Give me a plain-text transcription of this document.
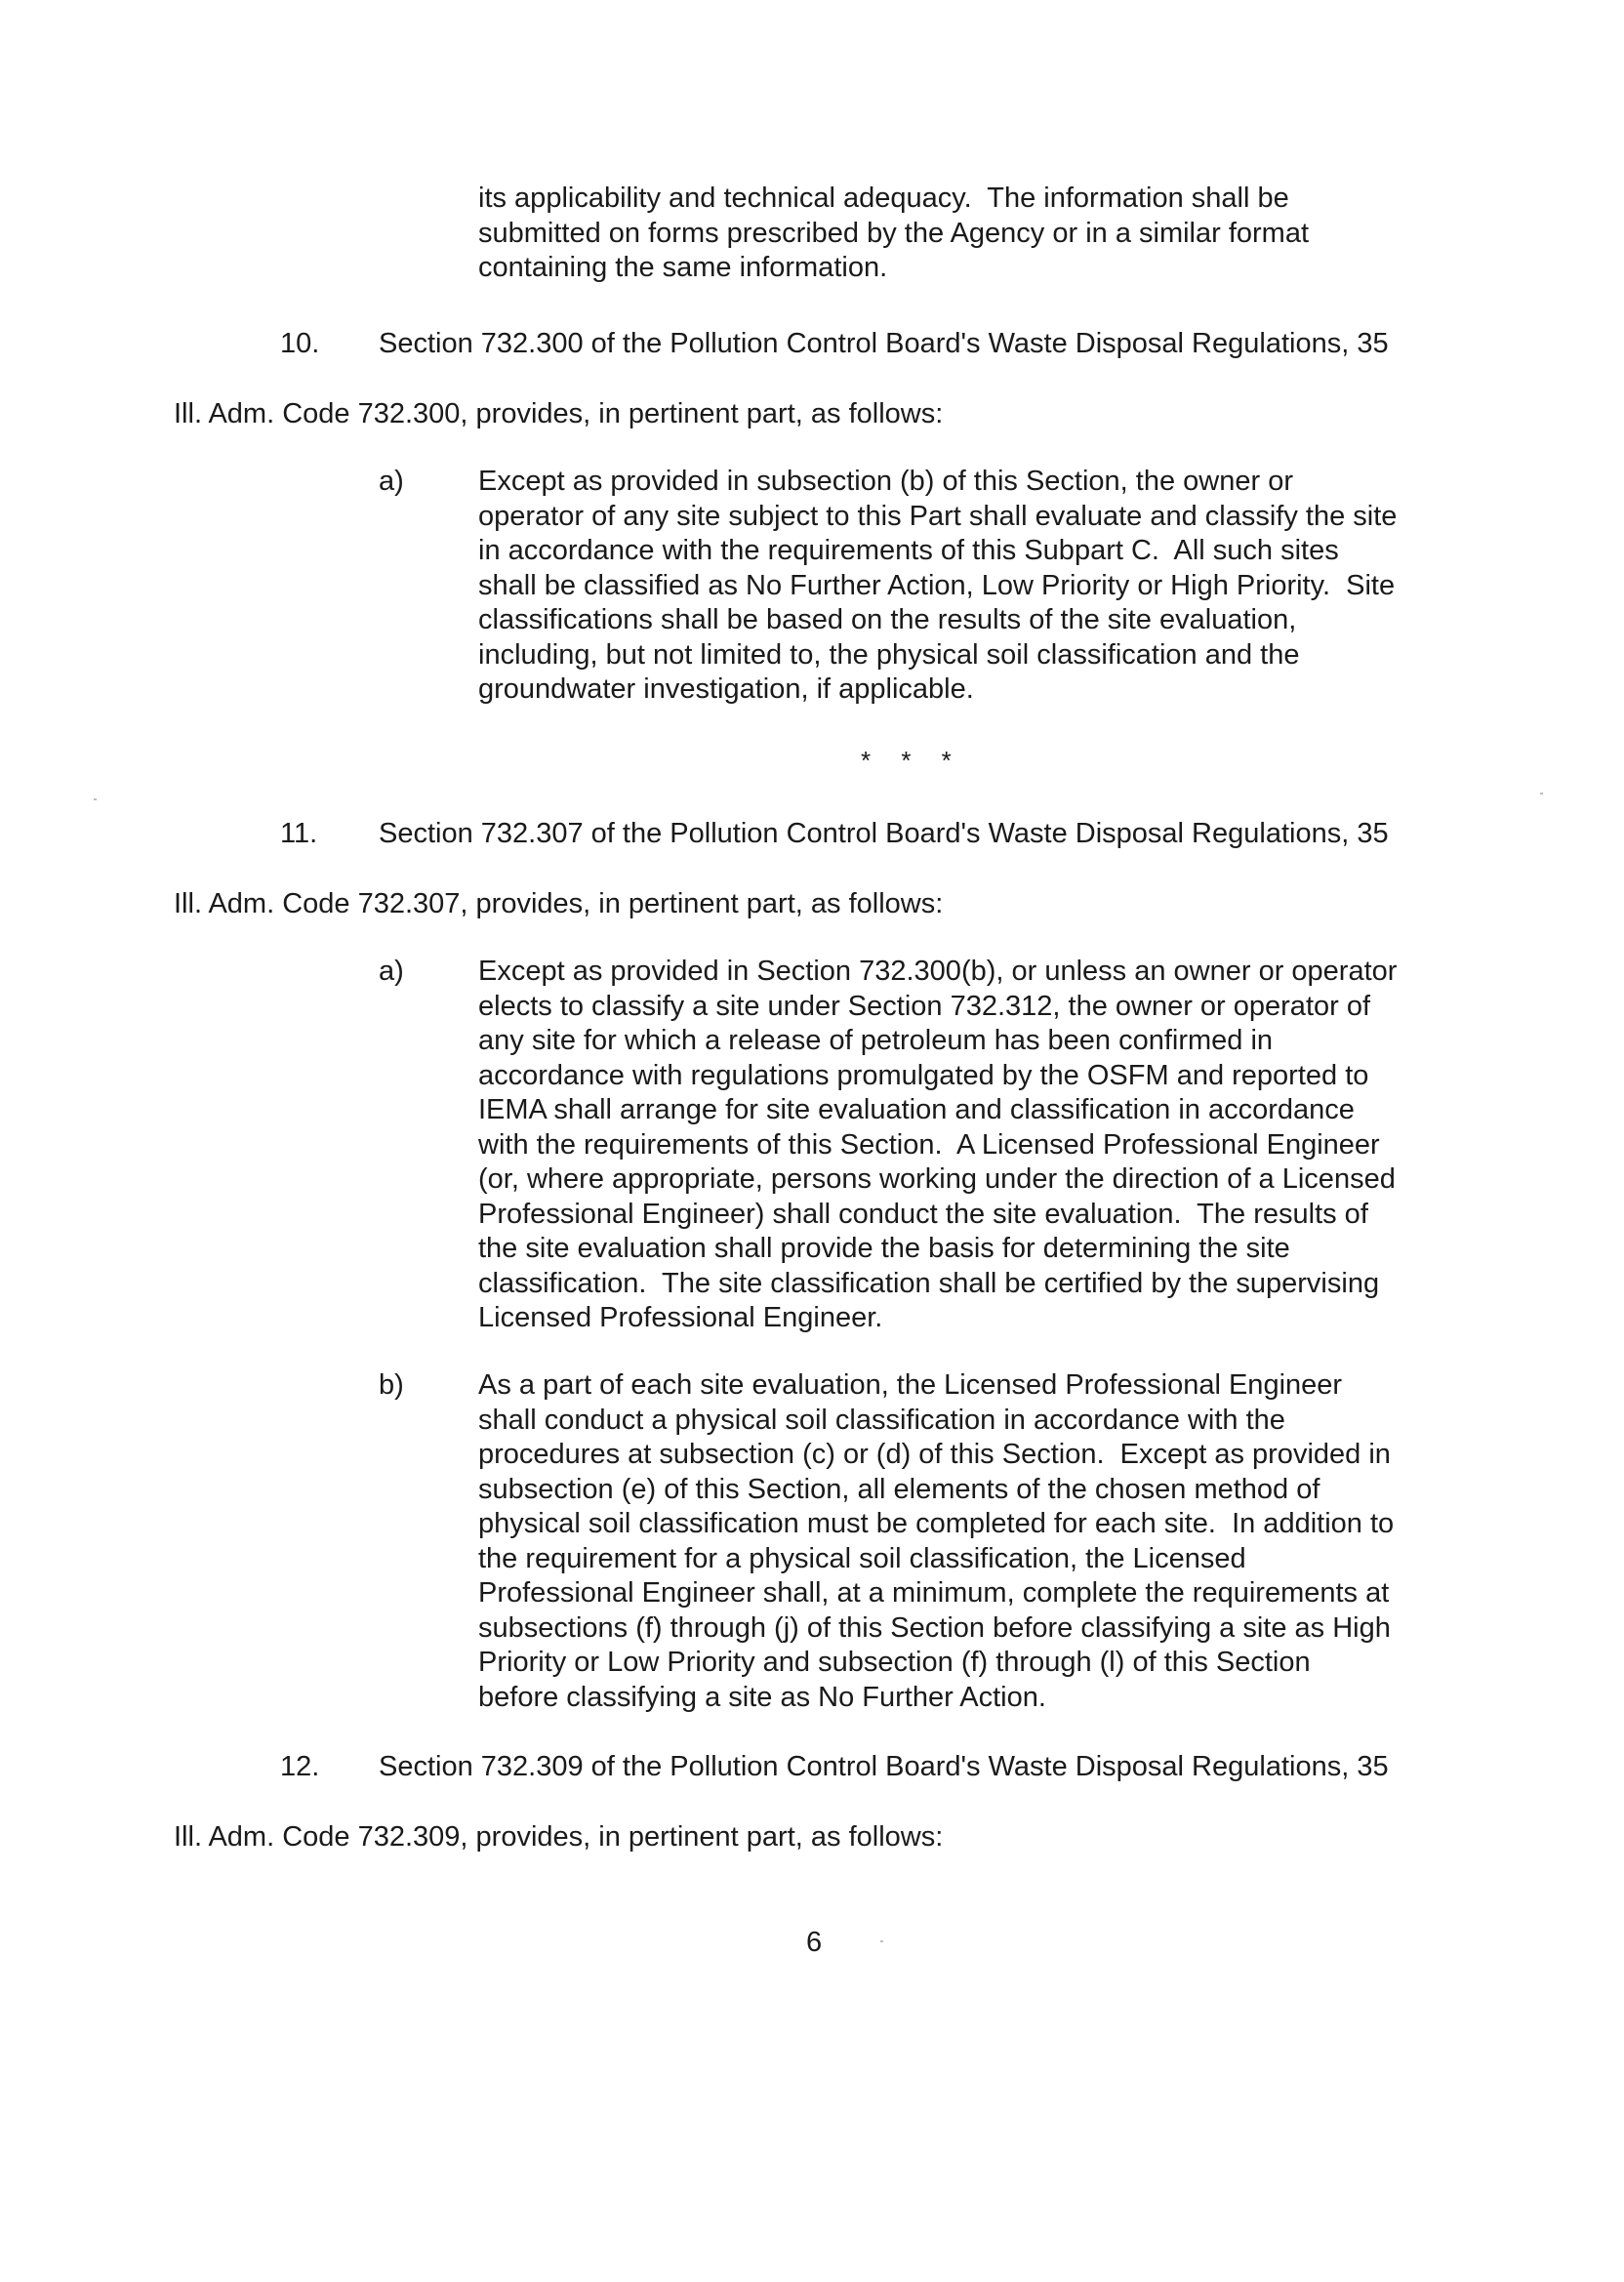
its applicability and technical adequacy.  The information shall be
submitted on forms prescribed by the Agency or in a similar format
containing the same information.
10. Section 732.300 of the Pollution Control Board's Waste Disposal Regulations, 35
Ill. Adm. Code 732.300, provides, in pertinent part, as follows:
a)	Except as provided in subsection (b) of this Section, the owner or
operator of any site subject to this Part shall evaluate and classify the site
in accordance with the requirements of this Subpart C.  All such sites
shall be classified as No Further Action, Low Priority or High Priority.  Site
classifications shall be based on the results of the site evaluation,
including, but not limited to, the physical soil classification and the
groundwater investigation, if applicable.
* * *
11. Section 732.307 of the Pollution Control Board's Waste Disposal Regulations, 35
Ill. Adm. Code 732.307, provides, in pertinent part, as follows:
a)	Except as provided in Section 732.300(b), or unless an owner or operator
elects to classify a site under Section 732.312, the owner or operator of
any site for which a release of petroleum has been confirmed in
accordance with regulations promulgated by the OSFM and reported to
IEMA shall arrange for site evaluation and classification in accordance
with the requirements of this Section.  A Licensed Professional Engineer
(or, where appropriate, persons working under the direction of a Licensed
Professional Engineer) shall conduct the site evaluation.  The results of
the site evaluation shall provide the basis for determining the site
classification.  The site classification shall be certified by the supervising
Licensed Professional Engineer.
b)	As a part of each site evaluation, the Licensed Professional Engineer
shall conduct a physical soil classification in accordance with the
procedures at subsection (c) or (d) of this Section.  Except as provided in
subsection (e) of this Section, all elements of the chosen method of
physical soil classification must be completed for each site.  In addition to
the requirement for a physical soil classification, the Licensed
Professional Engineer shall, at a minimum, complete the requirements at
subsections (f) through (j) of this Section before classifying a site as High
Priority or Low Priority and subsection (f) through (l) of this Section
before classifying a site as No Further Action.
12. Section 732.309 of the Pollution Control Board's Waste Disposal Regulations, 35
Ill. Adm. Code 732.309, provides, in pertinent part, as follows:
6
